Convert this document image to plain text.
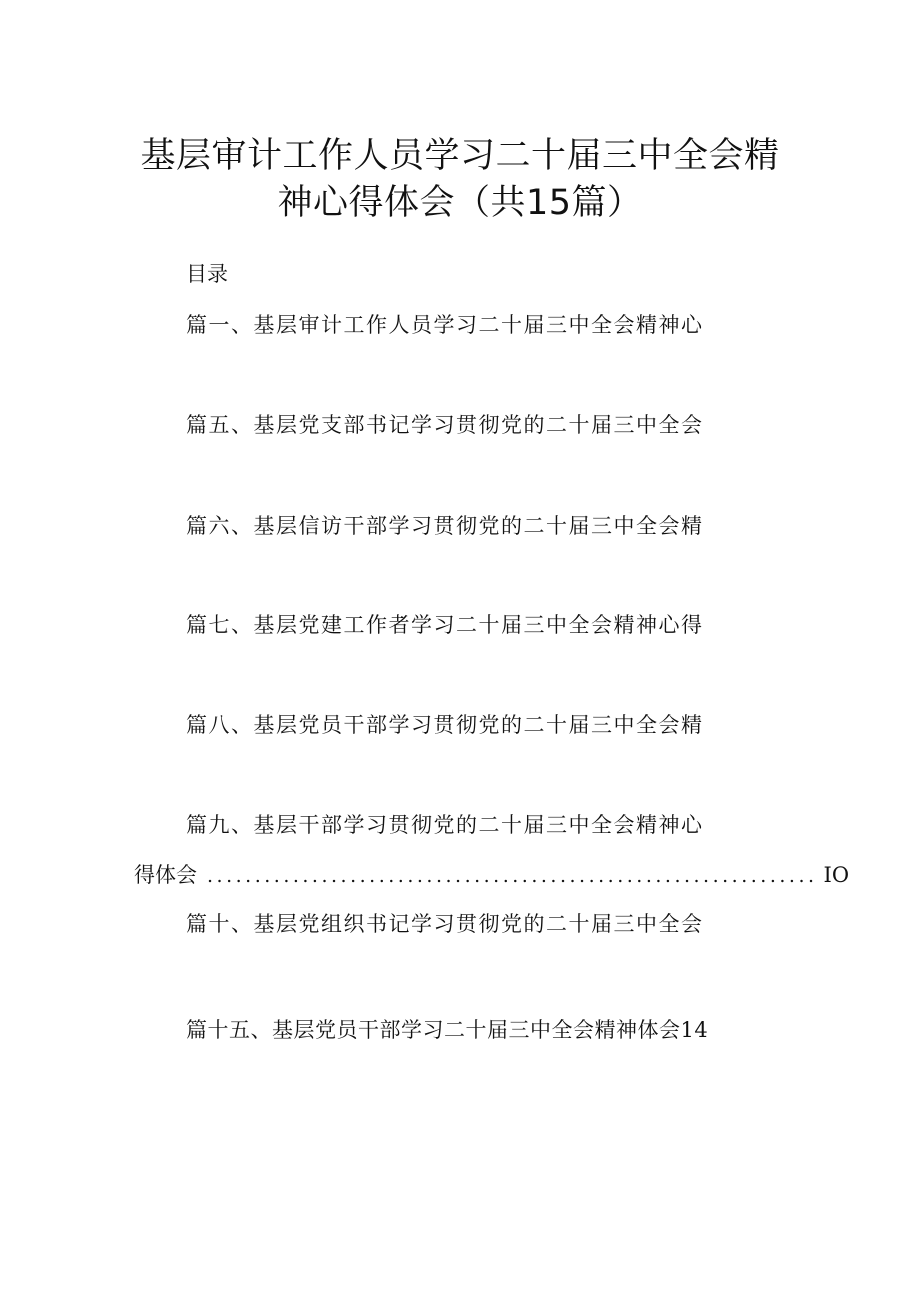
基层审计工作人员学习二十届三中全会精
神心得体会（共15篇）
目录
篇一、基层审计工作人员学习二十届三中全会精神心
篇五、基层党支部书记学习贯彻党的二十届三中全会
篇六、基层信访干部学习贯彻党的二十届三中全会精
篇七、基层党建工作者学习二十届三中全会精神心得
篇八、基层党员干部学习贯彻党的二十届三中全会精
篇九、基层干部学习贯彻党的二十届三中全会精神心
得体会 ................................................................ IO
篇十、基层党组织书记学习贯彻党的二十届三中全会
篇十五、基层党员干部学习二十届三中全会精神体会14
